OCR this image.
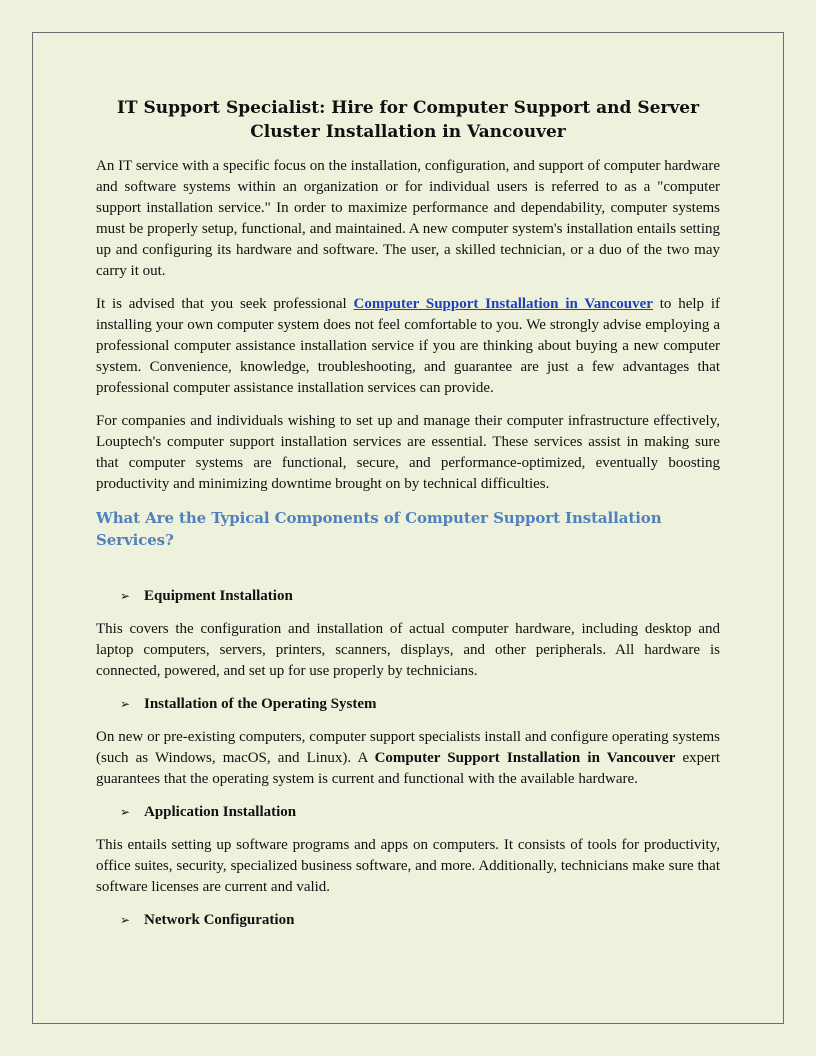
IT Support Specialist: Hire for Computer Support and Server Cluster Installation in Vancouver

An IT service with a specific focus on the installation, configuration, and support of computer hardware and software systems within an organization or for individual users is referred to as a "computer support installation service." In order to maximize performance and dependability, computer systems must be properly setup, functional, and maintained. A new computer system's installation entails setting up and configuring its hardware and software. The user, a skilled technician, or a duo of the two may carry it out.

It is advised that you seek professional Computer Support Installation in Vancouver to help if installing your own computer system does not feel comfortable to you. We strongly advise employing a professional computer assistance installation service if you are thinking about buying a new computer system. Convenience, knowledge, troubleshooting, and guarantee are just a few advantages that professional computer assistance installation services can provide.

For companies and individuals wishing to set up and manage their computer infrastructure effectively, Louptech's computer support installation services are essential. These services assist in making sure that computer systems are functional, secure, and performance-optimized, eventually boosting productivity and minimizing downtime brought on by technical difficulties.

What Are the Typical Components of Computer Support Installation Services?
➢ Equipment Installation

This covers the configuration and installation of actual computer hardware, including desktop and laptop computers, servers, printers, scanners, displays, and other peripherals. All hardware is connected, powered, and set up for use properly by technicians.

➢ Installation of the Operating System

On new or pre-existing computers, computer support specialists install and configure operating systems (such as Windows, macOS, and Linux). A Computer Support Installation in Vancouver expert guarantees that the operating system is current and functional with the available hardware.

➢ Application Installation

This entails setting up software programs and apps on computers. It consists of tools for productivity, office suites, security, specialized business software, and more. Additionally, technicians make sure that software licenses are current and valid.

➢ Network Configuration
